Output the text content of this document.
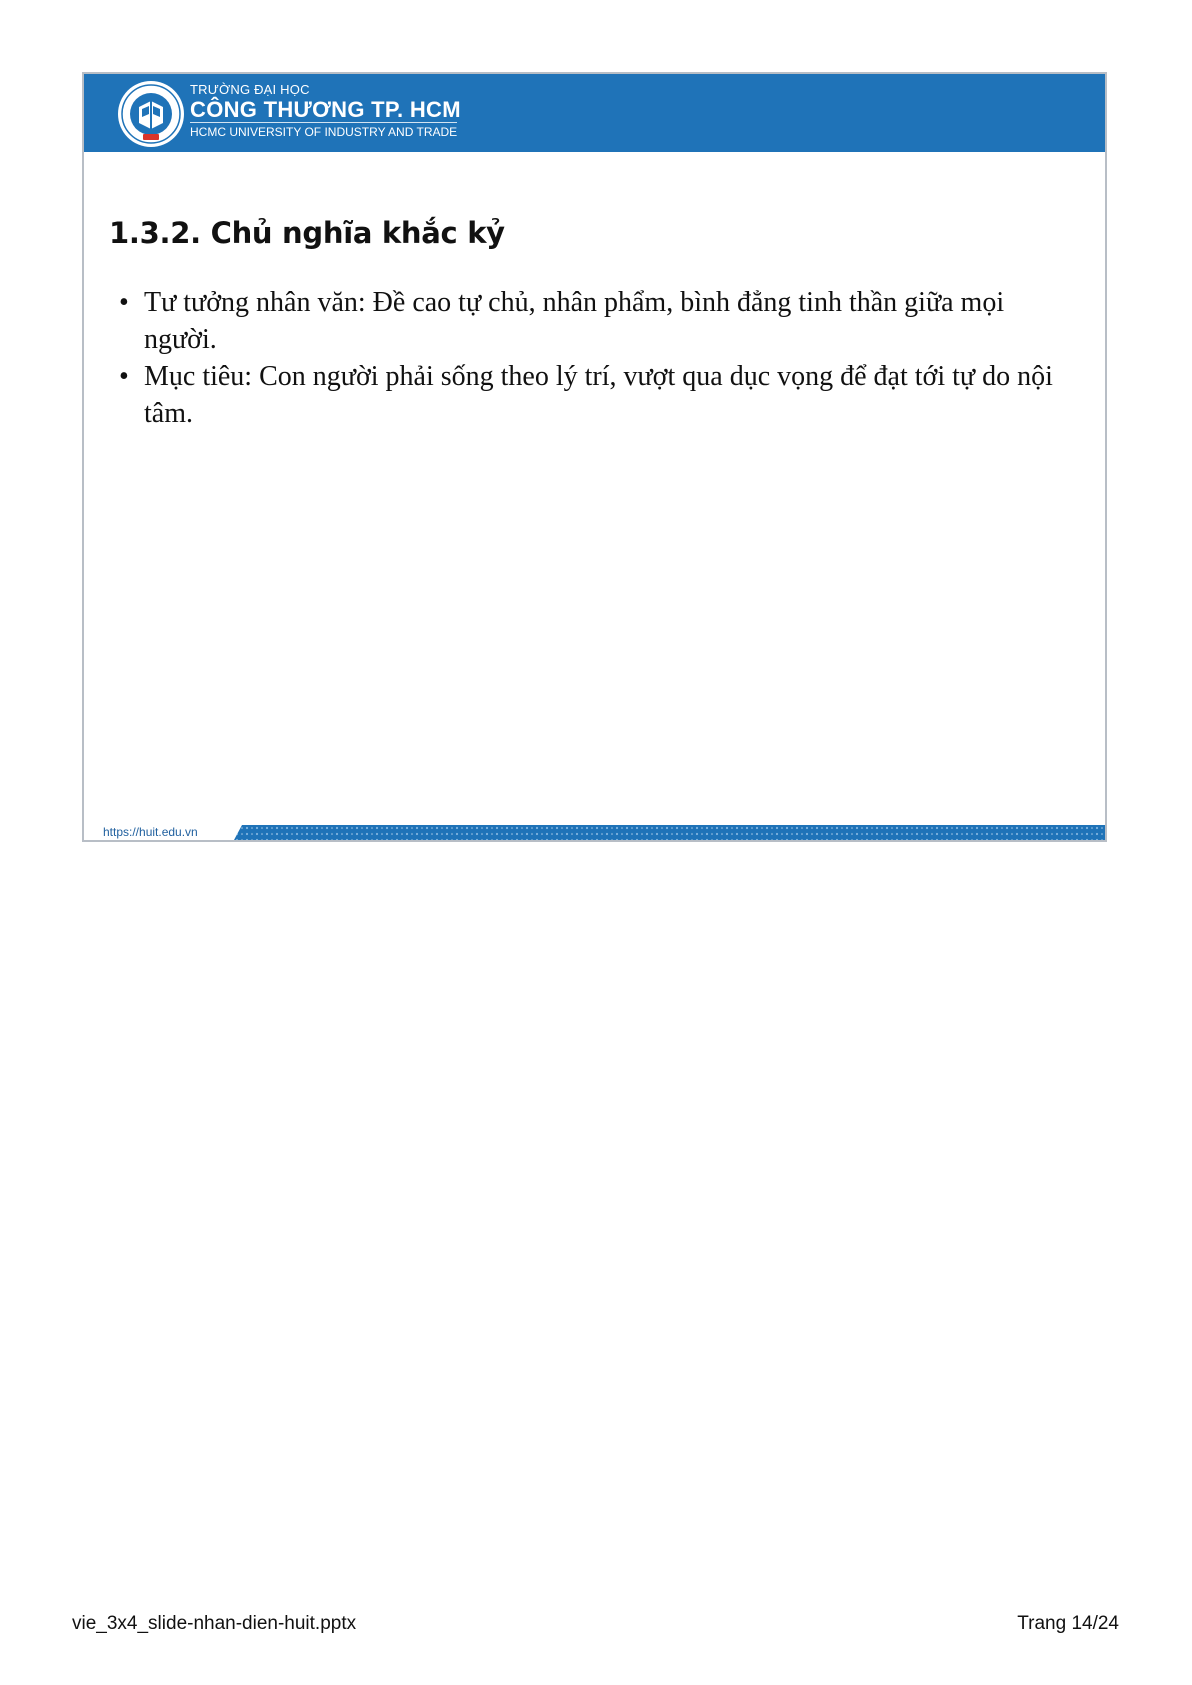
TRƯỜNG ĐẠI HỌC
CÔNG THƯƠNG TP. HCM
HCMC UNIVERSITY OF INDUSTRY AND TRADE
1.3.2. Chủ nghĩa khắc kỷ
• Tư tưởng nhân văn: Đề cao tự chủ, nhân phẩm, bình đẳng tinh thần giữa mọi người.
• Mục tiêu: Con người phải sống theo lý trí, vượt qua dục vọng để đạt tới tự do nội tâm.
https://huit.edu.vn
vie_3x4_slide-nhan-dien-huit.pptx	Trang 14/24
